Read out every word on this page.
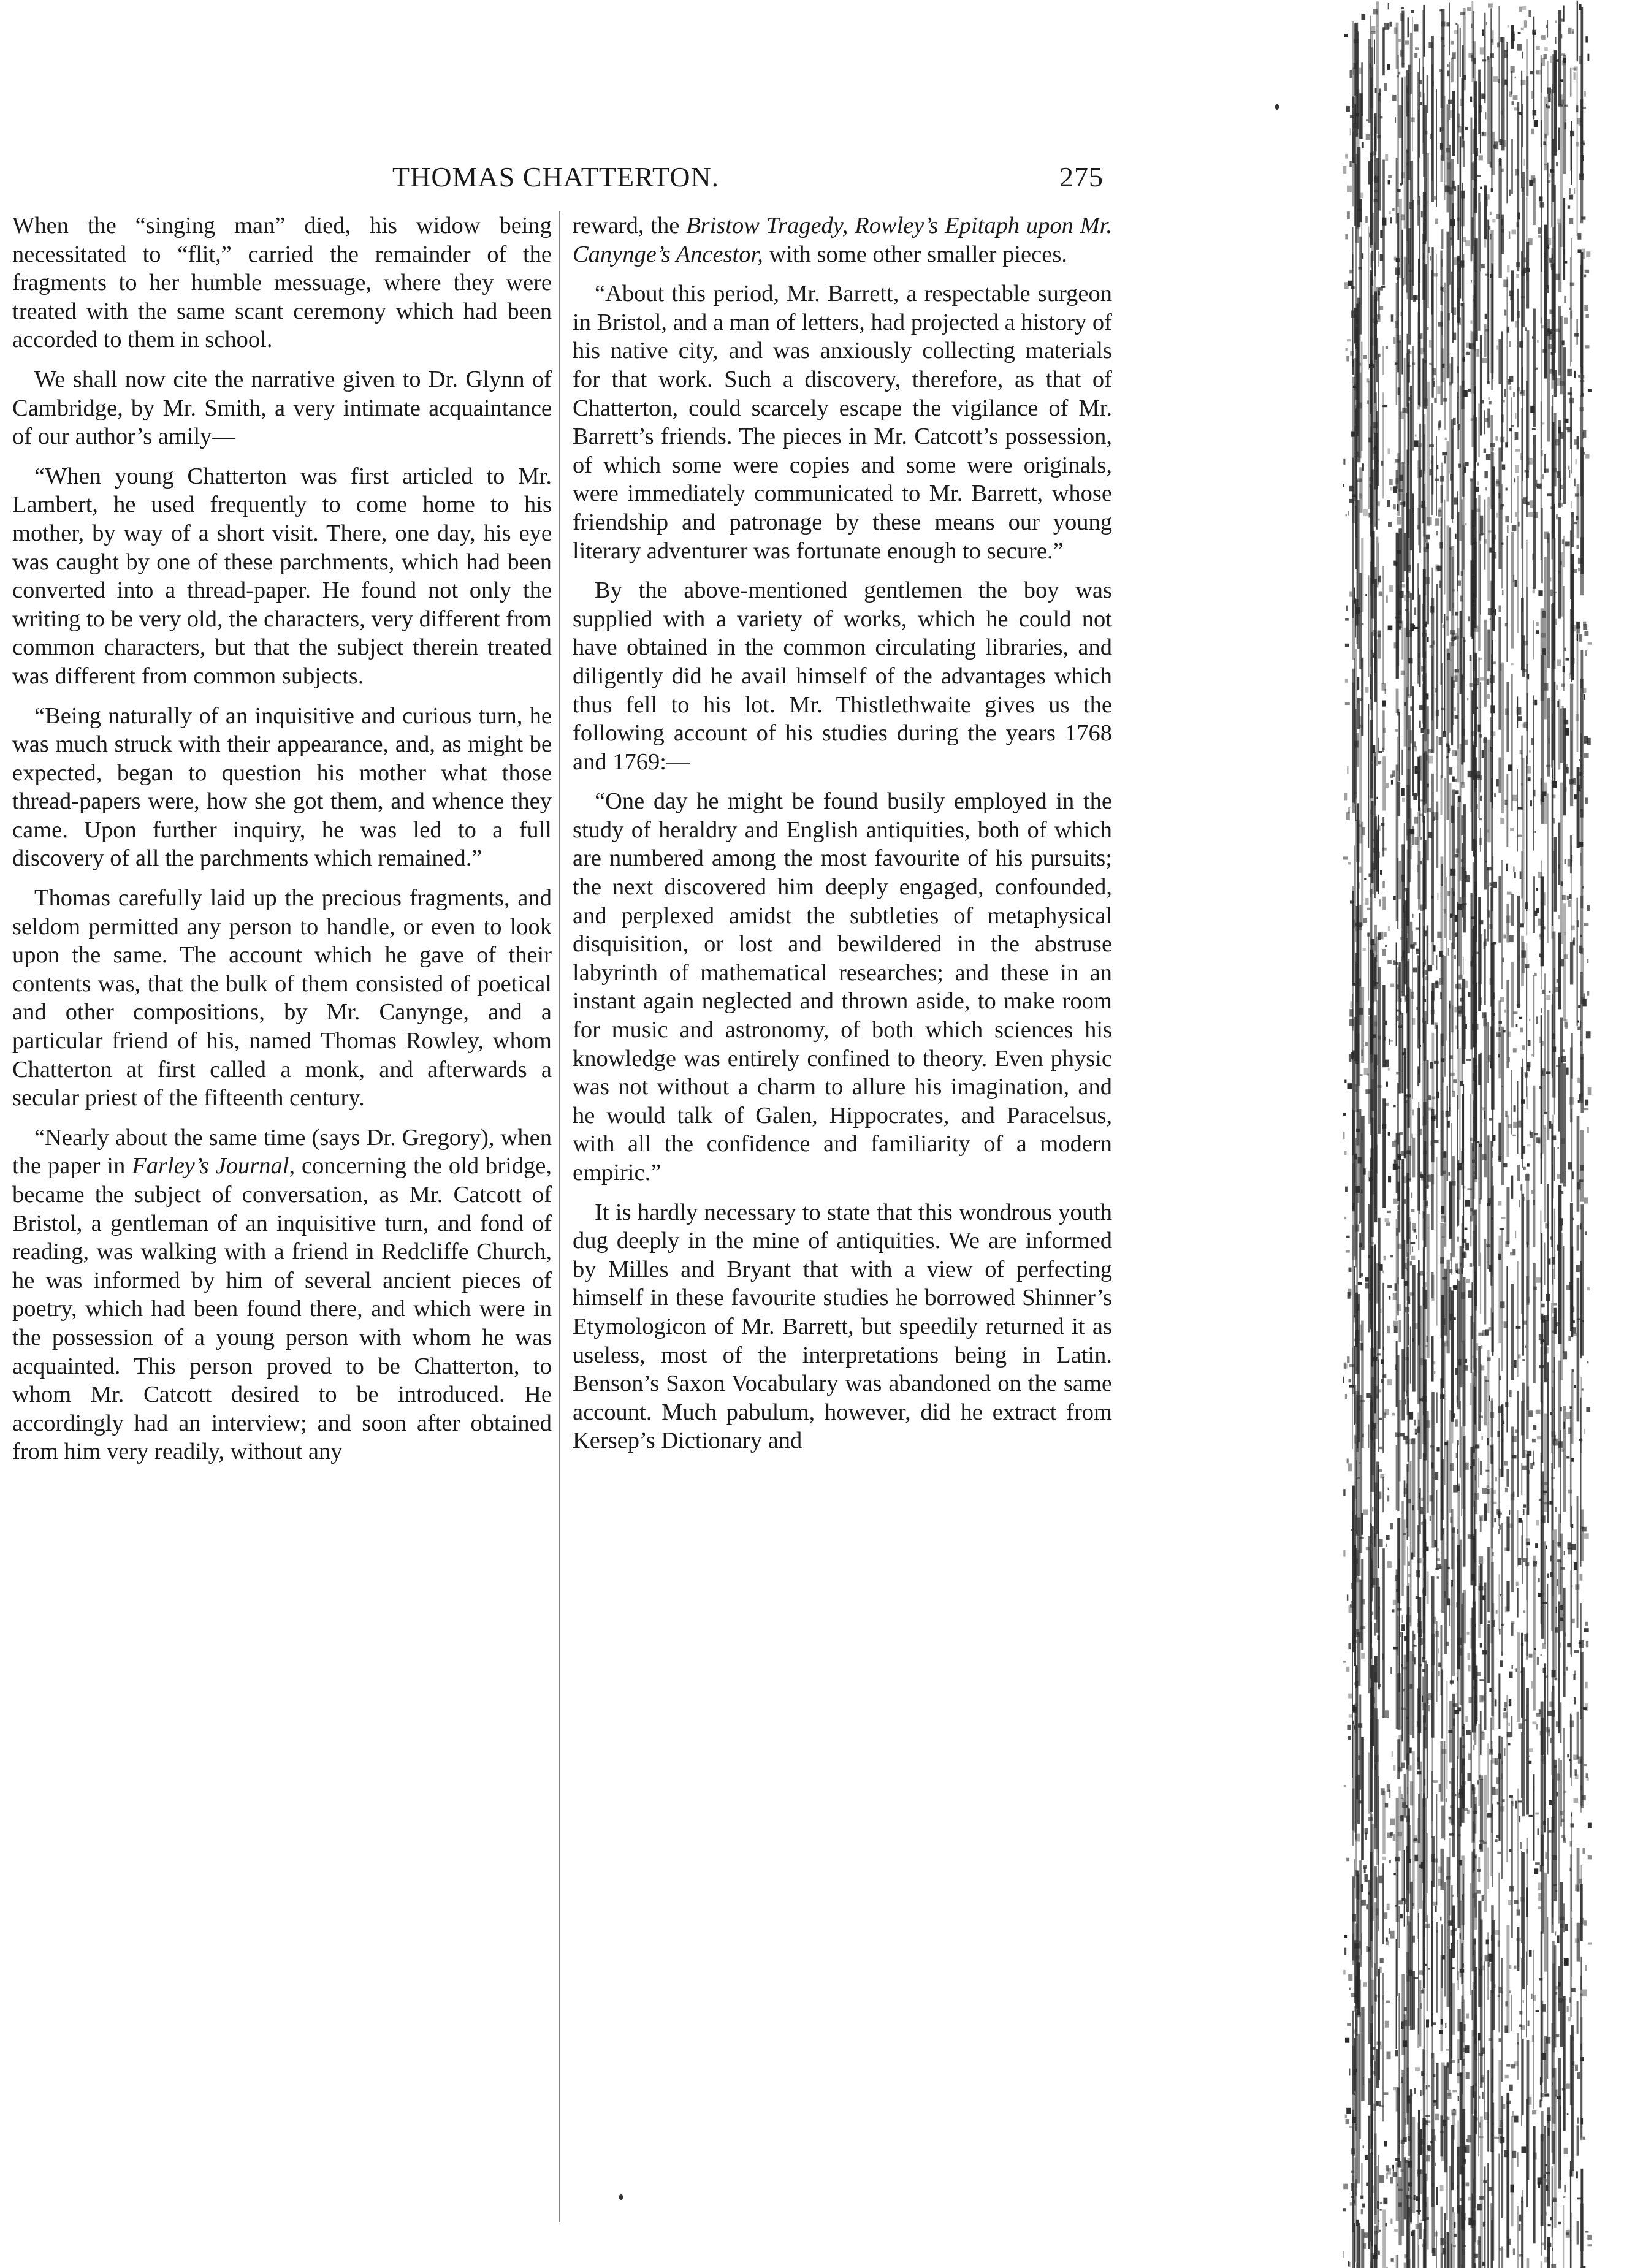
THOMAS CHATTERTON.	275

When the “singing man” died, his widow being necessitated to “flit,” carried the remainder of the fragments to her humble messuage, where they were treated with the same scant ceremony which had been accorded to them in school.

We shall now cite the narrative given to Dr. Glynn of Cambridge, by Mr. Smith, a very intimate acquaintance of our author’s amily—

“When young Chatterton was first articled to Mr. Lambert, he used frequently to come home to his mother, by way of a short visit. There, one day, his eye was caught by one of these parchments, which had been converted into a thread-paper. He found not only the writing to be very old, the characters, very different from common characters, but that the subject therein treated was different from common subjects.

“Being naturally of an inquisitive and curious turn, he was much struck with their appearance, and, as might be expected, began to question his mother what those thread-papers were, how she got them, and whence they came. Upon further inquiry, he was led to a full discovery of all the parchments which remained.”

Thomas carefully laid up the precious fragments, and seldom permitted any person to handle, or even to look upon the same. The account which he gave of their contents was, that the bulk of them consisted of poetical and other compositions, by Mr. Canynge, and a particular friend of his, named Thomas Rowley, whom Chatterton at first called a monk, and afterwards a secular priest of the fifteenth century.

“Nearly about the same time (says Dr. Gregory), when the paper in Farley’s Journal, concerning the old bridge, became the subject of conversation, as Mr. Catcott of Bristol, a gentleman of an inquisitive turn, and fond of reading, was walking with a friend in Redcliffe Church, he was informed by him of several ancient pieces of poetry, which had been found there, and which were in the possession of a young person with whom he was acquainted. This person proved to be Chatterton, to whom Mr. Catcott desired to be introduced. He accordingly had an interview; and soon after obtained from him very readily, without any

reward, the Bristow Tragedy, Rowley’s Epitaph upon Mr. Canynge’s Ancestor, with some other smaller pieces.

“About this period, Mr. Barrett, a respectable surgeon in Bristol, and a man of letters, had projected a history of his native city, and was anxiously collecting materials for that work. Such a discovery, therefore, as that of Chatterton, could scarcely escape the vigilance of Mr. Barrett’s friends. The pieces in Mr. Catcott’s possession, of which some were copies and some were originals, were immediately communicated to Mr. Barrett, whose friendship and patronage by these means our young literary adventurer was fortunate enough to secure.”

By the above-mentioned gentlemen the boy was supplied with a variety of works, which he could not have obtained in the common circulating libraries, and diligently did he avail himself of the advantages which thus fell to his lot. Mr. Thistlethwaite gives us the following account of his studies during the years 1768 and 1769:—

“One day he might be found busily employed in the study of heraldry and English antiquities, both of which are numbered among the most favourite of his pursuits; the next discovered him deeply engaged, confounded, and perplexed amidst the subtleties of metaphysical disquisition, or lost and bewildered in the abstruse labyrinth of mathematical researches; and these in an instant again neglected and thrown aside, to make room for music and astronomy, of both which sciences his knowledge was entirely confined to theory. Even physic was not without a charm to allure his imagination, and he would talk of Galen, Hippocrates, and Paracelsus, with all the confidence and familiarity of a modern empiric.”

It is hardly necessary to state that this wondrous youth dug deeply in the mine of antiquities. We are informed by Milles and Bryant that with a view of perfecting himself in these favourite studies he borrowed Shinner’s Etymologicon of Mr. Barrett, but speedily returned it as useless, most of the interpretations being in Latin. Benson’s Saxon Vocabulary was abandoned on the same account. Much pabulum, however, did he extract from Kersep’s Dictionary and
